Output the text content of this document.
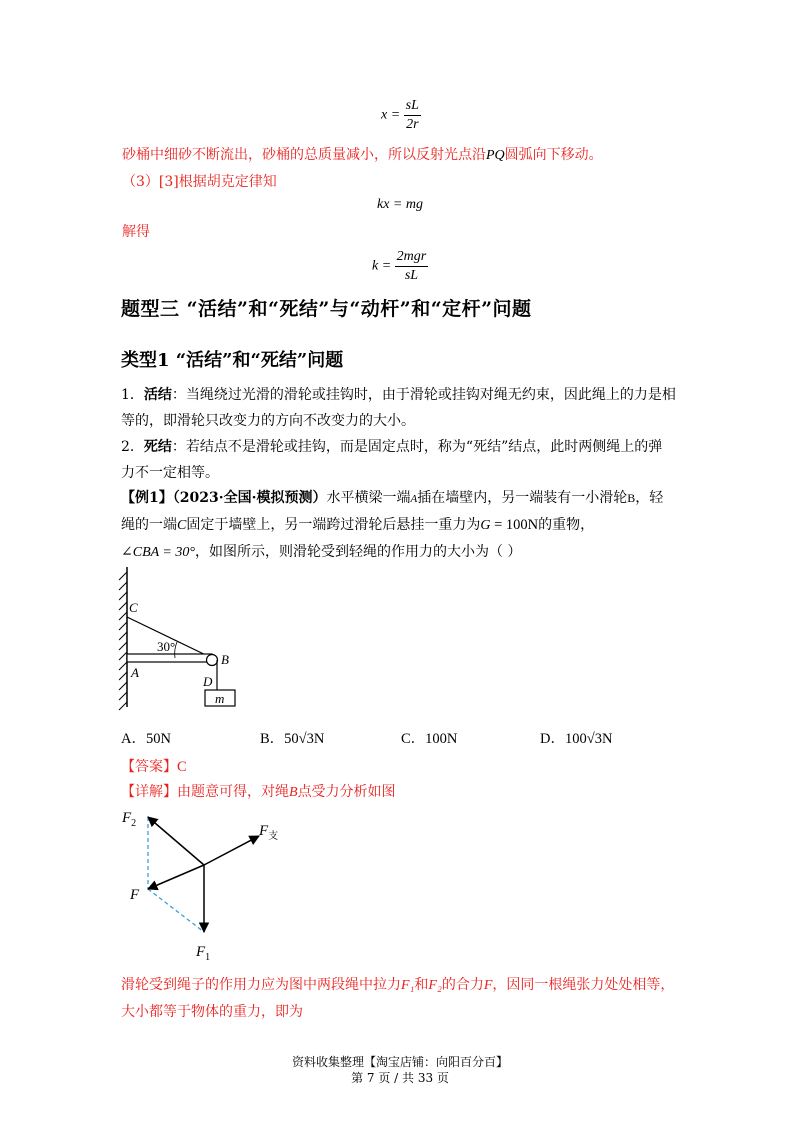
$x = \frac{sL}{2r}$
砂桶中细砂不断流出，砂桶的总质量减小，所以反射光点沿PQ圆弧向下移动。
（3）[3]根据胡克定律知
kx = mg
解得
$k = \frac{\text{2mgr}}{sL}$
题型三 “活结”和“死结”与“动杆”和“定杆”问题
类型1 “活结”和“死结”问题
1．活结：当绳绕过光滑的滑轮或挂钩时，由于滑轮或挂钩对绳无约束，因此绳上的力是相
等的，即滑轮只改变力的方向不改变力的大小。
2．死结：若结点不是滑轮或挂钩，而是固定点时，称为“死结”结点，此时两侧绳上的弹
力不一定相等。
【例1】（2023·全国·模拟预测）水平横梁一端A插在墙壁内，另一端装有一小滑轮B，轻
绳的一端C固定于墙壁上，另一端跨过滑轮后悬挂一重力为G = 100N的重物，
∠CBA = 30°，如图所示，则滑轮受到轻绳的作用力的大小为（ ）
C
30°
B
A
D
m
A．50N	B．50√3N	C．100N	D．100√3N
【答案】C
【详解】由题意可得，对绳B点受力分析如图
$F_2$	$F_支$
F
$F_1$
滑轮受到绳子的作用力应为图中两段绳中拉力F₁和F₂的合力F，因同一根绳张力处处相等，
大小都等于物体的重力，即为
资料收集整理【淘宝店铺：向阳百分百】
第 7 页 / 共 33 页
